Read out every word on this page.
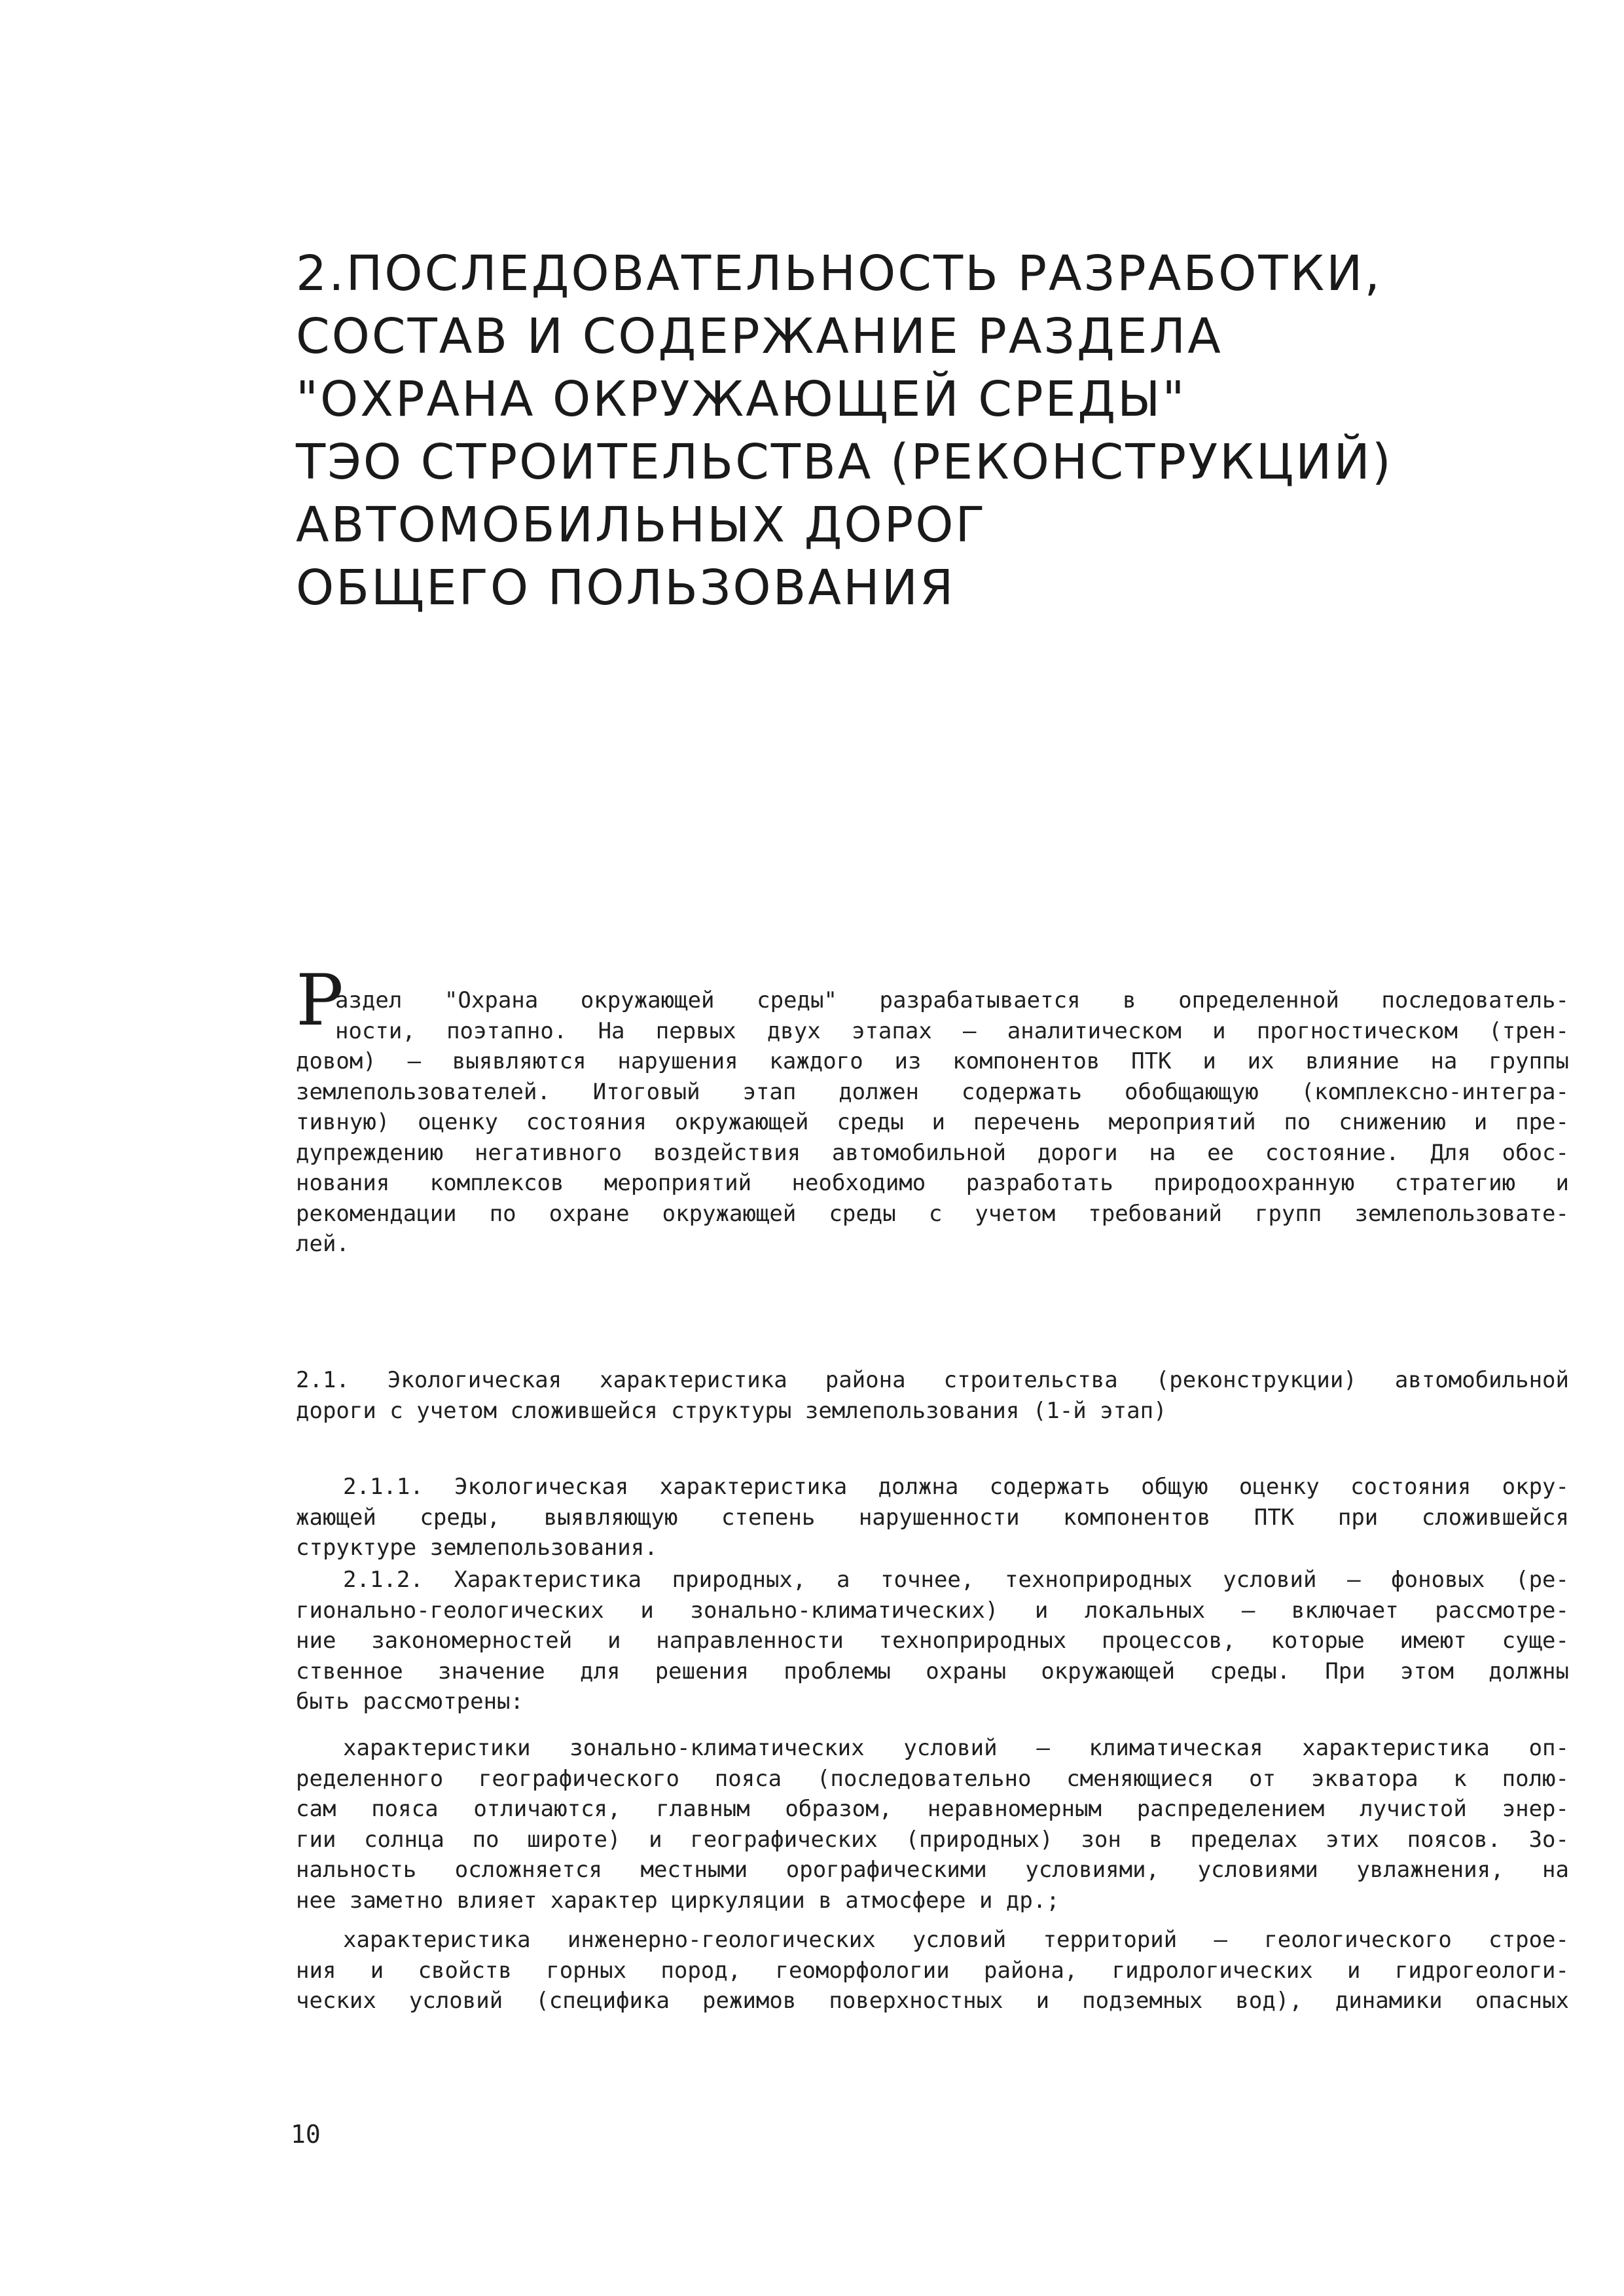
2.ПОСЛЕДОВАТЕЛЬНОСТЬ РАЗРАБОТКИ,
СОСТАВ И СОДЕРЖАНИЕ РАЗДЕЛА
"ОХРАНА ОКРУЖАЮЩЕЙ СРЕДЫ"
ТЭО СТРОИТЕЛЬСТВА (РЕКОНСТРУКЦИЙ)
АВТОМОБИЛЬНЫХ ДОРОГ
ОБЩЕГО ПОЛЬЗОВАНИЯ
Р
аздел "Охрана окружающей среды" разрабатывается в определенной последователь-
ности, поэтапно. На первых двух этапах – аналитическом и прогностическом (трен-
довом) – выявляются нарушения каждого из компонентов ПТК и их влияние на группы
землепользователей. Итоговый этап должен содержать обобщающую (комплексно-интегра-
тивную) оценку состояния окружающей среды и перечень мероприятий по снижению и пре-
дупреждению негативного воздействия автомобильной дороги на ее состояние. Для обос-
нования комплексов мероприятий необходимо разработать природоохранную стратегию и
рекомендации по охране окружающей среды с учетом требований групп землепользовате-
лей.
2.1. Экологическая характеристика района строительства (реконструкции) автомобильной
дороги с учетом сложившейся структуры землепользования (1-й этап)
2.1.1. Экологическая характеристика должна содержать общую оценку состояния окру-
жающей среды, выявляющую степень нарушенности компонентов ПТК при сложившейся
структуре землепользования.
2.1.2. Характеристика природных, а точнее, техноприродных условий – фоновых (ре-
гионально-геологических и зонально-климатических) и локальных – включает рассмотре-
ние закономерностей и направленности техноприродных процессов, которые имеют суще-
ственное значение для решения проблемы охраны окружающей среды. При этом должны
быть рассмотрены:
характеристики зонально-климатических условий – климатическая характеристика оп-
ределенного географического пояса (последовательно сменяющиеся от экватора к полю-
сам пояса отличаются, главным образом, неравномерным распределением лучистой энер-
гии солнца по широте) и географических (природных) зон в пределах этих поясов. Зо-
нальность осложняется местными орографическими условиями, условиями увлажнения, на
нее заметно влияет характер циркуляции в атмосфере и др.;
характеристика инженерно-геологических условий территорий – геологического строе-
ния и свойств горных пород, геоморфологии района, гидрологических и гидрогеологи-
ческих условий (специфика режимов поверхностных и подземных вод), динамики опасных
10
